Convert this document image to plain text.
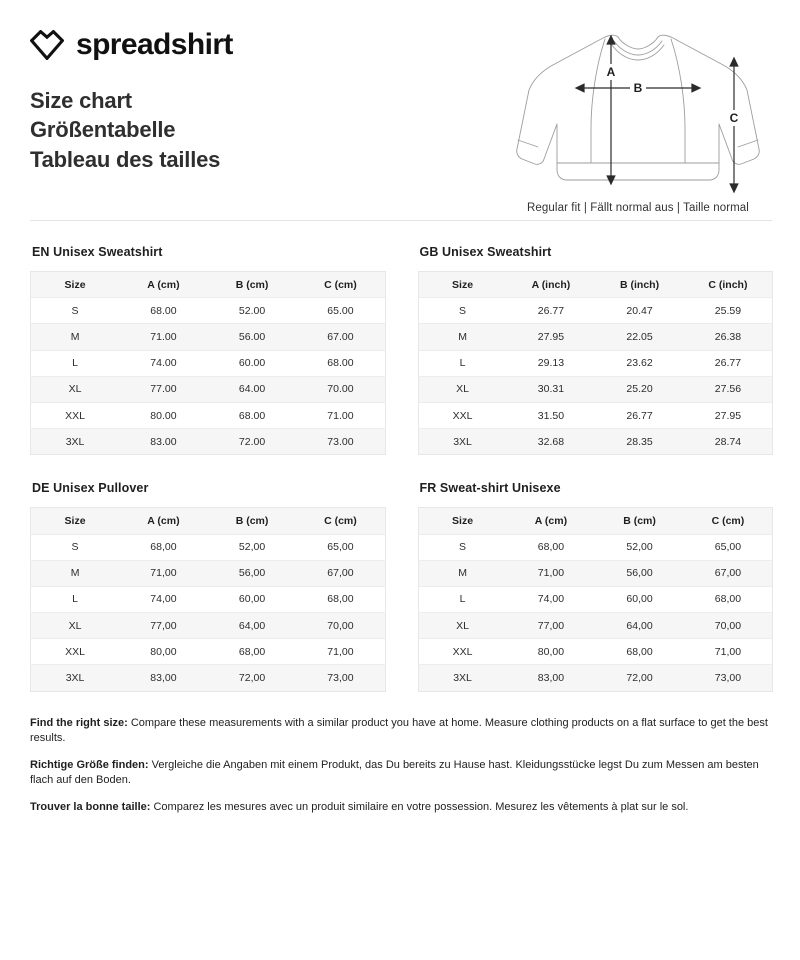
spreadshirt
Size chart
Größentabelle
Tableau des tailles
A
B
C
Regular fit | Fällt normal aus | Taille normal
EN Unisex Sweatshirt
Size	A (cm)	B (cm)	C (cm)
S	68.00	52.00	65.00
M	71.00	56.00	67.00
L	74.00	60.00	68.00
XL	77.00	64.00	70.00
XXL	80.00	68.00	71.00
3XL	83.00	72.00	73.00
GB Unisex Sweatshirt
Size	A (inch)	B (inch)	C (inch)
S	26.77	20.47	25.59
M	27.95	22.05	26.38
L	29.13	23.62	26.77
XL	30.31	25.20	27.56
XXL	31.50	26.77	27.95
3XL	32.68	28.35	28.74
DE Unisex Pullover
Size	A (cm)	B (cm)	C (cm)
S	68,00	52,00	65,00
M	71,00	56,00	67,00
L	74,00	60,00	68,00
XL	77,00	64,00	70,00
XXL	80,00	68,00	71,00
3XL	83,00	72,00	73,00
FR Sweat-shirt Unisexe
Size	A (cm)	B (cm)	C (cm)
S	68,00	52,00	65,00
M	71,00	56,00	67,00
L	74,00	60,00	68,00
XL	77,00	64,00	70,00
XXL	80,00	68,00	71,00
3XL	83,00	72,00	73,00
Find the right size: Compare these measurements with a similar product you have at home. Measure clothing products on a flat surface to get the best results.
Richtige Größe finden: Vergleiche die Angaben mit einem Produkt, das Du bereits zu Hause hast. Kleidungsstücke legst Du zum Messen am besten flach auf den Boden.
Trouver la bonne taille: Comparez les mesures avec un produit similaire en votre possession. Mesurez les vêtements à plat sur le sol.
